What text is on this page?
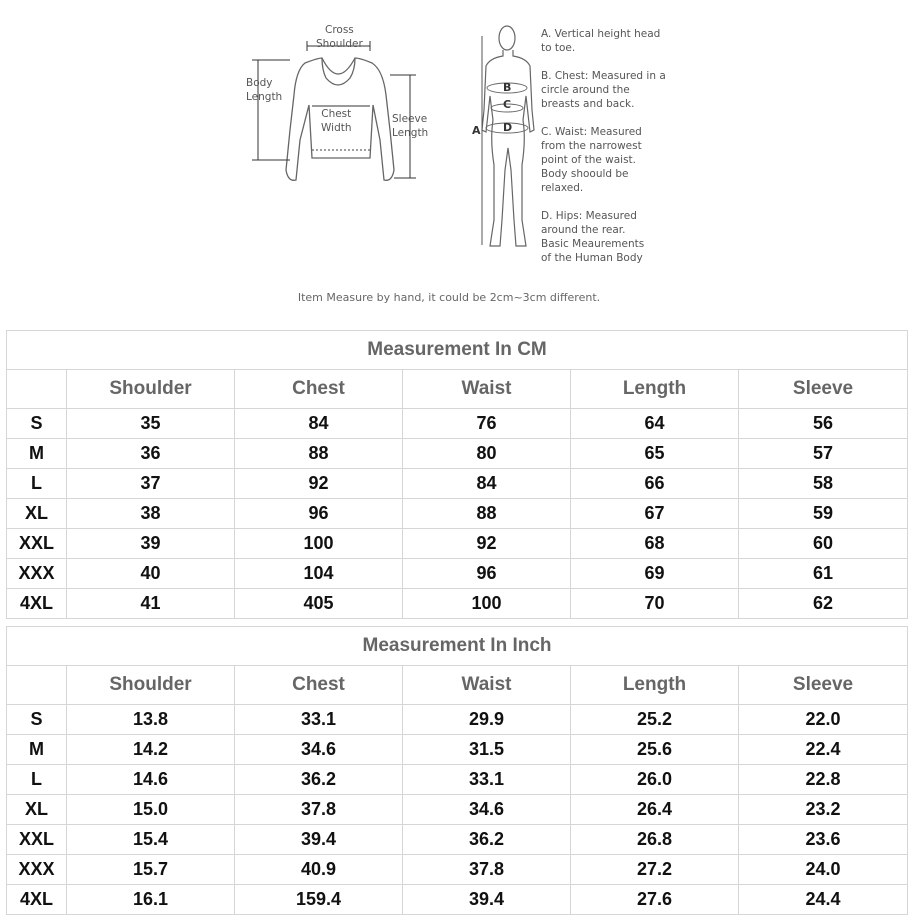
Cross
Shoulder
Body
Length
Chest
Width
Sleeve
Length	A
B
C
D
A. Vertical height head
to toe.
B. Chest: Measured in a
circle around the
breasts and back.
C. Waist: Measured
from the narrowest
point of the waist.
Body shoould be
relaxed.
D. Hips: Measured
around the rear.
Basic Meaurements
of the Human Body
Item Measure by hand, it could be 2cm~3cm different.
Measurement In CM					
	Shoulder	Chest	Waist	Length	Sleeve
S	35	84	76	64	56
M	36	88	80	65	57
L	37	92	84	66	58
XL	38	96	88	67	59
XXL	39	100	92	68	60
XXX	40	104	96	69	61
4XL	41	405	100	70	62
Measurement In Inch					
	Shoulder	Chest	Waist	Length	Sleeve
S	13.8	33.1	29.9	25.2	22.0
M	14.2	34.6	31.5	25.6	22.4
L	14.6	36.2	33.1	26.0	22.8
XL	15.0	37.8	34.6	26.4	23.2
XXL	15.4	39.4	36.2	26.8	23.6
XXX	15.7	40.9	37.8	27.2	24.0
4XL	16.1	159.4	39.4	27.6	24.4
